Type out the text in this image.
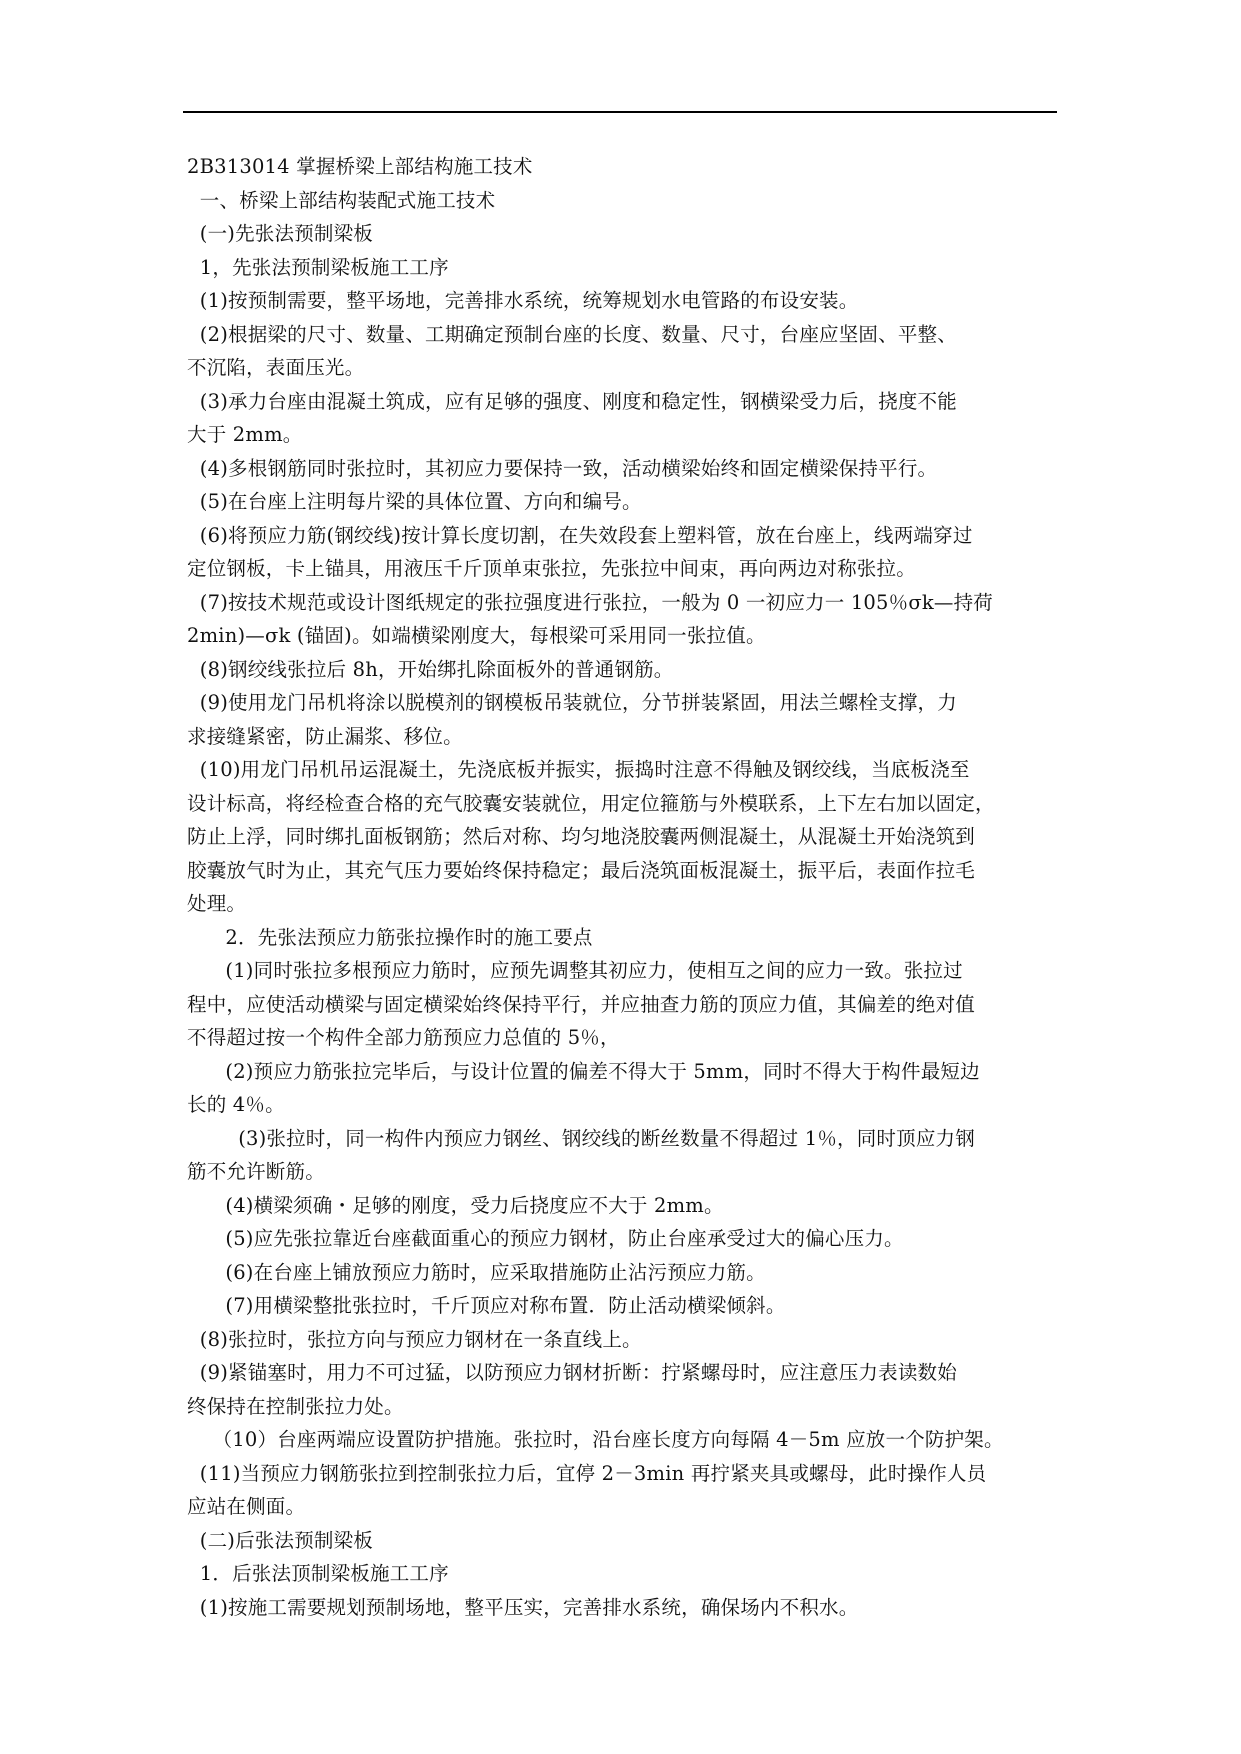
2B313014 掌握桥梁上部结构施工技术
一、桥梁上部结构装配式施工技术
(一)先张法预制梁板
1，先张法预制梁板施工工序
(1)按预制需要，整平场地，完善排水系统，统筹规划水电管路的布设安装。
(2)根据梁的尺寸、数量、工期确定预制台座的长度、数量、尺寸，台座应坚固、平整、
不沉陷，表面压光。
(3)承力台座由混凝土筑成，应有足够的强度、刚度和稳定性，钢横梁受力后，挠度不能
大于 2mm。
(4)多根钢筋同时张拉时，其初应力要保持一致，活动横梁始终和固定横梁保持平行。
(5)在台座上注明每片梁的具体位置、方向和编号。
(6)将预应力筋(钢绞线)按计算长度切割，在失效段套上塑料管，放在台座上，线两端穿过
定位钢板，卡上锚具，用液压千斤顶单束张拉，先张拉中间束，再向两边对称张拉。
(7)按技术规范或设计图纸规定的张拉强度进行张拉，一般为 0 一初应力一 105％σk—持荷
2min)—σk (锚固)。如端横梁刚度大，每根梁可采用同一张拉值。
(8)钢绞线张拉后 8h，开始绑扎除面板外的普通钢筋。
(9)使用龙门吊机将涂以脱模剂的钢模板吊装就位，分节拼装紧固，用法兰螺栓支撑，力
求接缝紧密，防止漏浆、移位。
(10)用龙门吊机吊运混凝土，先浇底板并振实，振捣时注意不得触及钢绞线，当底板浇至
设计标高，将经检查合格的充气胶囊安装就位，用定位箍筋与外模联系，上下左右加以固定，
防止上浮，同时绑扎面板钢筋；然后对称、均匀地浇胶囊两侧混凝土，从混凝土开始浇筑到
胶囊放气时为止，其充气压力要始终保持稳定；最后浇筑面板混凝土，振平后，表面作拉毛
处理。
2．先张法预应力筋张拉操作时的施工要点
(1)同时张拉多根预应力筋时，应预先调整其初应力，使相互之间的应力一致。张拉过
程中，应使活动横梁与固定横梁始终保持平行，并应抽查力筋的顶应力值，其偏差的绝对值
不得超过按一个构件全部力筋预应力总值的 5％，
(2)预应力筋张拉完毕后，与设计位置的偏差不得大于 5mm，同时不得大于构件最短边
长的 4％。
(3)张拉时，同一构件内预应力钢丝、钢绞线的断丝数量不得超过 1％，同时顶应力钢
筋不允许断筋。
(4)横梁须确・足够的刚度，受力后挠度应不大于 2mm。
(5)应先张拉靠近台座截面重心的预应力钢材，防止台座承受过大的偏心压力。
(6)在台座上铺放预应力筋时，应采取措施防止沾污预应力筋。
(7)用横梁整批张拉时，千斤顶应对称布置．防止活动横梁倾斜。
(8)张拉时，张拉方向与预应力钢材在一条直线上。
(9)紧锚塞时，用力不可过猛，以防预应力钢材折断：拧紧螺母时，应注意压力表读数始
终保持在控制张拉力处。
（10）台座两端应设置防护措施。张拉时，沿台座长度方向每隔 4－5m 应放一个防护架。
(11)当预应力钢筋张拉到控制张拉力后，宜停 2－3min 再拧紧夹具或螺母，此时操作人员
应站在侧面。
(二)后张法预制梁板
1．后张法顶制梁板施工工序
(1)按施工需要规划预制场地，整平压实，完善排水系统，确保场内不积水。
